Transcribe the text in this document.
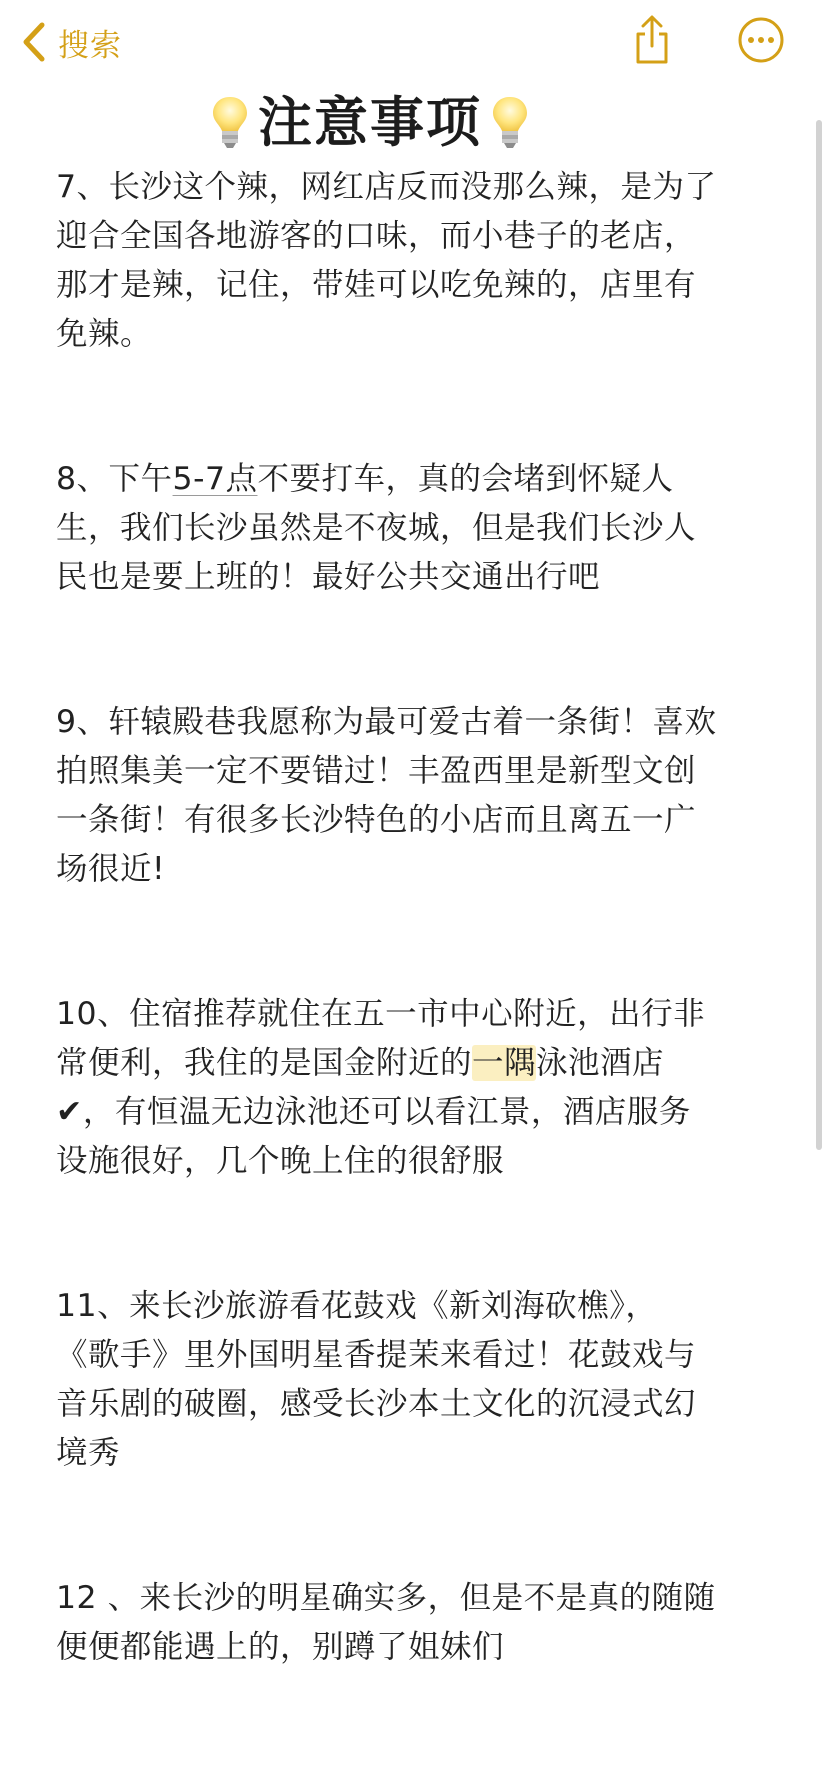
搜索
注意事项
7、长沙这个辣，网红店反而没那么辣，是为了
迎合全国各地游客的口味，而小巷子的老店，
那才是辣，记住，带娃可以吃免辣的，店里有
免辣。
8、下午5-7点不要打车，真的会堵到怀疑人
生，我们长沙虽然是不夜城，但是我们长沙人
民也是要上班的！最好公共交通出行吧
9、轩辕殿巷我愿称为最可爱古着一条街！喜欢
拍照集美一定不要错过！丰盈西里是新型文创
一条街！有很多长沙特色的小店而且离五一广
场很近!
10、住宿推荐就住在五一市中心附近，出行非
常便利，我住的是国金附近的一隅泳池酒店
✔，有恒温无边泳池还可以看江景，酒店服务
设施很好，几个晚上住的很舒服
11、来长沙旅游看花鼓戏《新刘海砍樵》，
《歌手》里外国明星香提茉来看过！花鼓戏与
音乐剧的破圈，感受长沙本土文化的沉浸式幻
境秀
12 、来长沙的明星确实多，但是不是真的随随
便便都能遇上的，别蹲了姐妹们
